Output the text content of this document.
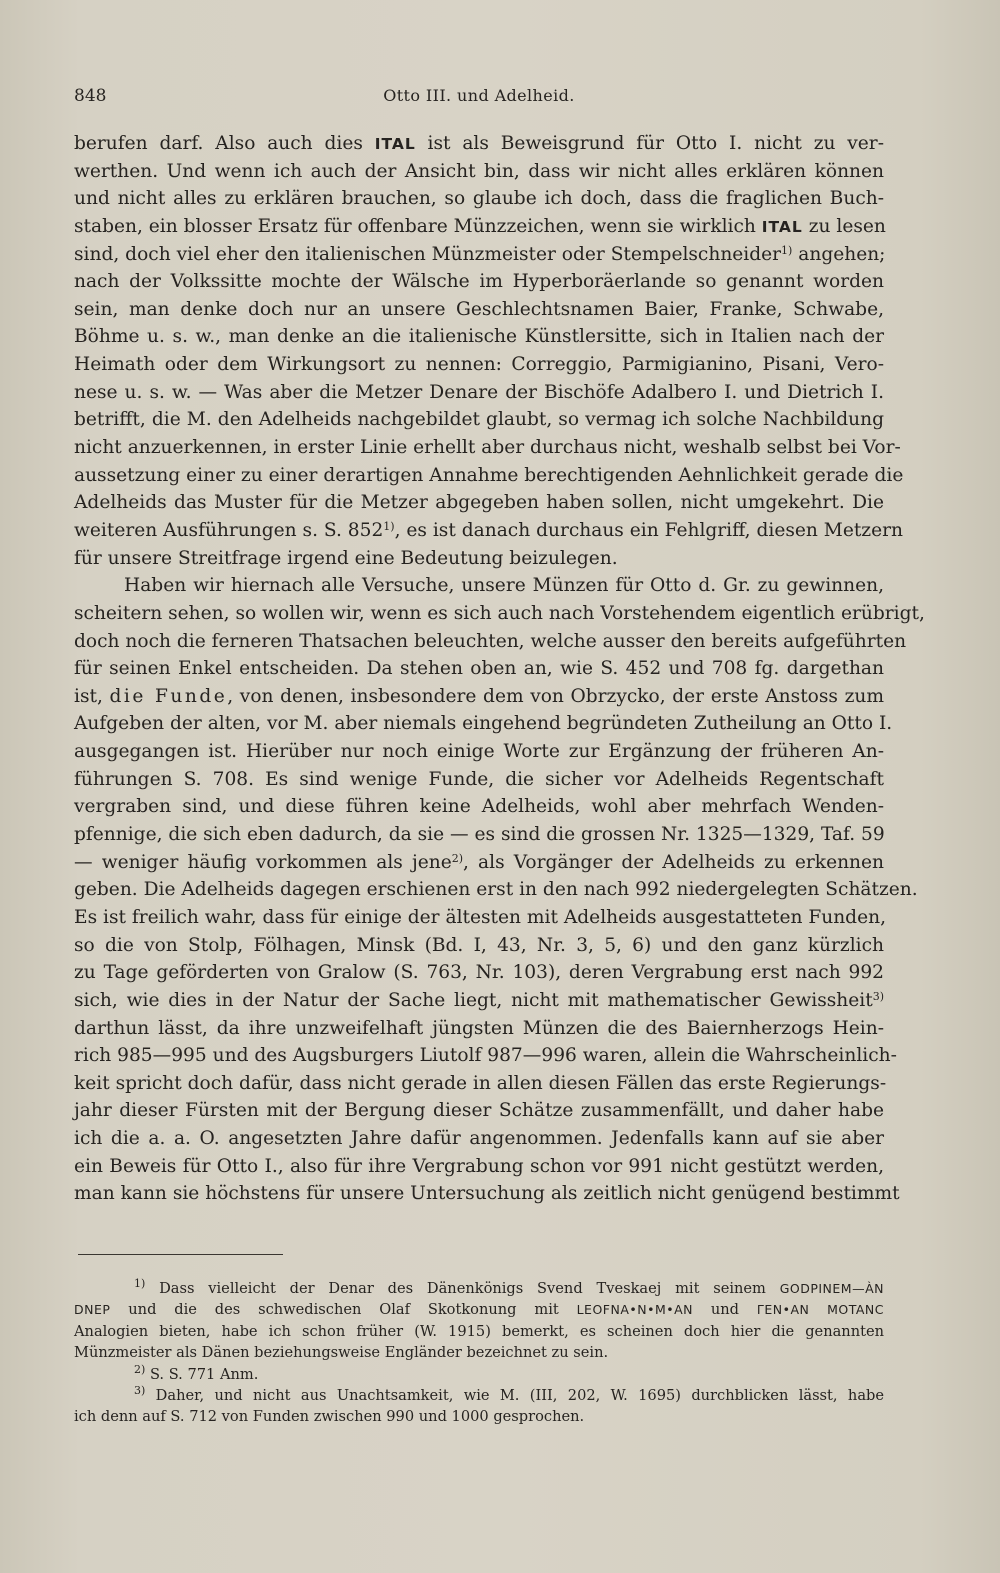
848	Otto III. und Adelheid.
berufen darf. Also auch dies ITAL ist als Beweisgrund für Otto I. nicht zu ver-
werthen. Und wenn ich auch der Ansicht bin, dass wir nicht alles erklären können
und nicht alles zu erklären brauchen, so glaube ich doch, dass die fraglichen Buch-
staben, ein blosser Ersatz für offenbare Münzzeichen, wenn sie wirklich ITAL zu lesen
sind, doch viel eher den italienischen Münzmeister oder Stempelschneider$^{1)}$ angehen;
nach der Volkssitte mochte der Wälsche im Hyperboräerlande so genannt worden
sein, man denke doch nur an unsere Geschlechtsnamen Baier, Franke, Schwabe,
Böhme u. s. w., man denke an die italienische Künstlersitte, sich in Italien nach der
Heimath oder dem Wirkungsort zu nennen: Correggio, Parmigianino, Pisani, Vero-
nese u. s. w. — Was aber die Metzer Denare der Bischöfe Adalbero I. und Dietrich I.
betrifft, die M. den Adelheids nachgebildet glaubt, so vermag ich solche Nachbildung
nicht anzuerkennen, in erster Linie erhellt aber durchaus nicht, weshalb selbst bei Vor-
aussetzung einer zu einer derartigen Annahme berechtigenden Aehnlichkeit gerade die
Adelheids das Muster für die Metzer abgegeben haben sollen, nicht umgekehrt. Die
weiteren Ausführungen s. S. 852$^{1)}$, es ist danach durchaus ein Fehlgriff, diesen Metzern
für unsere Streitfrage irgend eine Bedeutung beizulegen.
Haben wir hiernach alle Versuche, unsere Münzen für Otto d. Gr. zu gewinnen,
scheitern sehen, so wollen wir, wenn es sich auch nach Vorstehendem eigentlich erübrigt,
doch noch die ferneren Thatsachen beleuchten, welche ausser den bereits aufgeführten
für seinen Enkel entscheiden. Da stehen oben an, wie S. 452 und 708 fg. dargethan
ist, die Funde, von denen, insbesondere dem von Obrzycko, der erste Anstoss zum
Aufgeben der alten, vor M. aber niemals eingehend begründeten Zutheilung an Otto I.
ausgegangen ist. Hierüber nur noch einige Worte zur Ergänzung der früheren An-
führungen S. 708. Es sind wenige Funde, die sicher vor Adelheids Regentschaft
vergraben sind, und diese führen keine Adelheids, wohl aber mehrfach Wenden-
pfennige, die sich eben dadurch, da sie — es sind die grossen Nr. 1325—1329, Taf. 59
— weniger häufig vorkommen als jene$^{2)}$, als Vorgänger der Adelheids zu erkennen
geben. Die Adelheids dagegen erschienen erst in den nach 992 niedergelegten Schätzen.
Es ist freilich wahr, dass für einige der ältesten mit Adelheids ausgestatteten Funden,
so die von Stolp, Fölhagen, Minsk (Bd. I, 43, Nr. 3, 5, 6) und den ganz kürzlich
zu Tage geförderten von Gralow (S. 763, Nr. 103), deren Vergrabung erst nach 992
sich, wie dies in der Natur der Sache liegt, nicht mit mathematischer Gewissheit$^{3)}$
darthun lässt, da ihre unzweifelhaft jüngsten Münzen die des Baiernherzogs Hein-
rich 985—995 und des Augsburgers Liutolf 987—996 waren, allein die Wahrscheinlich-
keit spricht doch dafür, dass nicht gerade in allen diesen Fällen das erste Regierungs-
jahr dieser Fürsten mit der Bergung dieser Schätze zusammenfällt, und daher habe
ich die a. a. O. angesetzten Jahre dafür angenommen. Jedenfalls kann auf sie aber
ein Beweis für Otto I., also für ihre Vergrabung schon vor 991 nicht gestützt werden,
man kann sie höchstens für unsere Untersuchung als zeitlich nicht genügend bestimmt
$^{1)}$ Dass vielleicht der Denar des Dänenkönigs Svend Tveskaej mit seinem GODPINEM—ÀN
DNEP und die des schwedischen Olaf Skotkonung mit LEOFNA•N•M•AN und ΓEN•AN MOTANC
Analogien bieten, habe ich schon früher (W. 1915) bemerkt, es scheinen doch hier die genannten
Münzmeister als Dänen beziehungsweise Engländer bezeichnet zu sein.
$^{2)}$ S. S. 771 Anm.
$^{3)}$ Daher, und nicht aus Unachtsamkeit, wie M. (III, 202, W. 1695) durchblicken lässt, habe
ich denn auf S. 712 von Funden zwischen 990 und 1000 gesprochen.
